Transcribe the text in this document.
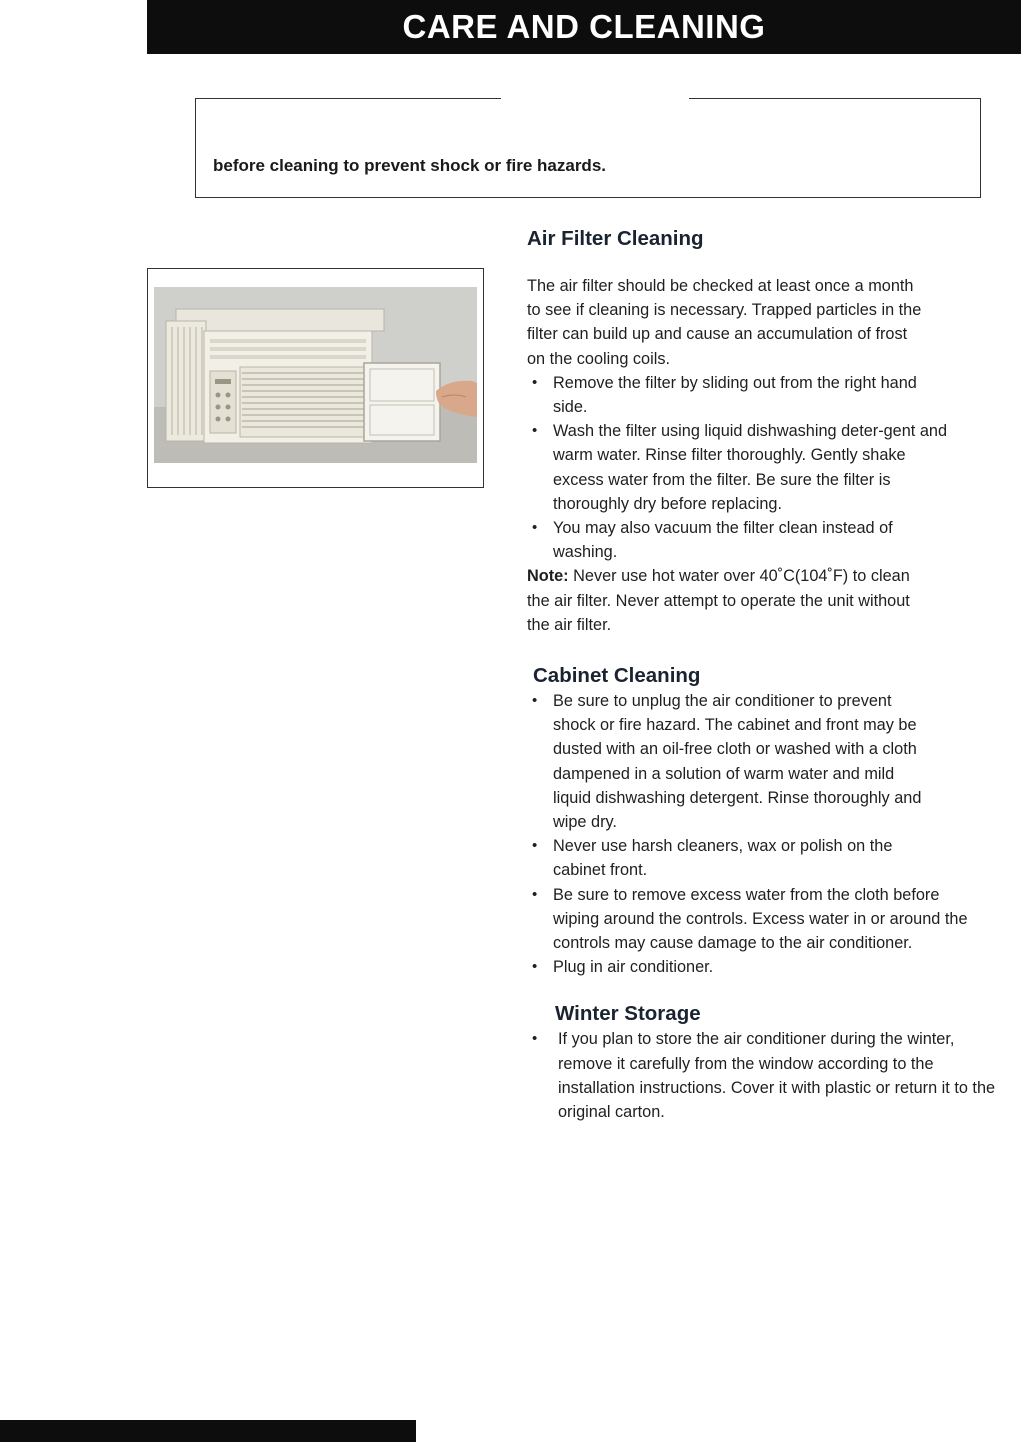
CARE AND CLEANING
before cleaning to prevent shock or fire hazards.
Air Filter Cleaning

The air filter should be checked at least once a month to see if cleaning is necessary. Trapped particles in the filter can build up and cause an accumulation of frost on the cooling coils.

• Remove the filter by sliding out from the right hand side.
• Wash the filter using liquid dishwashing deter-gent and warm water. Rinse filter thoroughly. Gently shake excess water from the filter. Be sure the filter is thoroughly dry before replacing.
• You may also vacuum the filter clean instead of washing.

Note: Never use hot water over 40˚C(104˚F) to clean the air filter. Never attempt to operate the unit without the air filter.

Cabinet Cleaning
• Be sure to unplug the air conditioner to prevent shock or fire hazard. The cabinet and front may be dusted with an oil-free cloth or washed with a cloth dampened in a solution of warm water and mild liquid dishwashing detergent. Rinse thoroughly and wipe dry.
• Never use harsh cleaners, wax or polish on the cabinet front.
• Be sure to remove excess water from the cloth before wiping around the controls. Excess water in or around the controls may cause damage to the air conditioner.
• Plug in air conditioner.
Winter Storage
• If you plan to store the air conditioner during the winter, remove it carefully from the window according to the installation instructions. Cover it with plastic or return it to the original carton.
